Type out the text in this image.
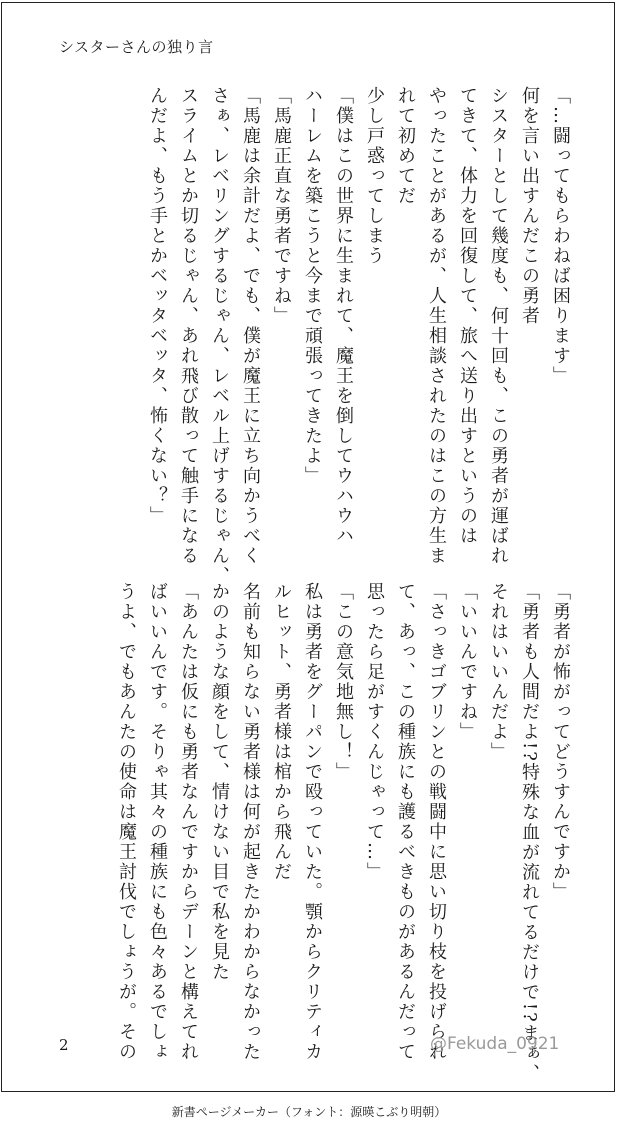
シスターさんの独り言
「…闘ってもらわねば困ります」
何を言い出すんだこの勇者
シスターとして幾度も、何十回も、この勇者が運ばれ
てきて、体力を回復して、旅へ送り出すというのは
やったことがあるが、人生相談されたのはこの方生ま
れて初めてだ
少し戸惑ってしまう
「僕はこの世界に生まれて、魔王を倒してウハウハ
ハーレムを築こうと今まで頑張ってきたよ」
「馬鹿正直な勇者ですね」
「馬鹿は余計だよ、でも、僕が魔王に立ち向かうべく
さぁ、レベリングするじゃん、レベル上げするじゃん、
スライムとか切るじゃん、あれ飛び散って触手になる
んだよ、もう手とかベッタベッタ、怖くない？」
「勇者が怖がってどうすんですか」
「勇者も人間だよ!?特殊な血が流れてるだけで!?まぁ、
それはいいんだよ」
「いいんですね」
「さっきゴブリンとの戦闘中に思い切り枝を投げられ
て、あっ、この種族にも護るべきものがあるんだって
思ったら足がすくんじゃって…」
「この意気地無し！」
私は勇者をグーパンで殴っていた。顎からクリティカ
ルヒット、勇者様は棺から飛んだ
名前も知らない勇者様は何が起きたかわからなかった
かのような顔をして、情けない目で私を見た
「あんたは仮にも勇者なんですからデーンと構えてれ
ばいいんです。そりゃ其々の種族にも色々あるでしょ
うよ、でもあんたの使命は魔王討伐でしょうが。その
2	@Fekuda_0921
新書ページメーカー（フォント：源暎こぶり明朝）
